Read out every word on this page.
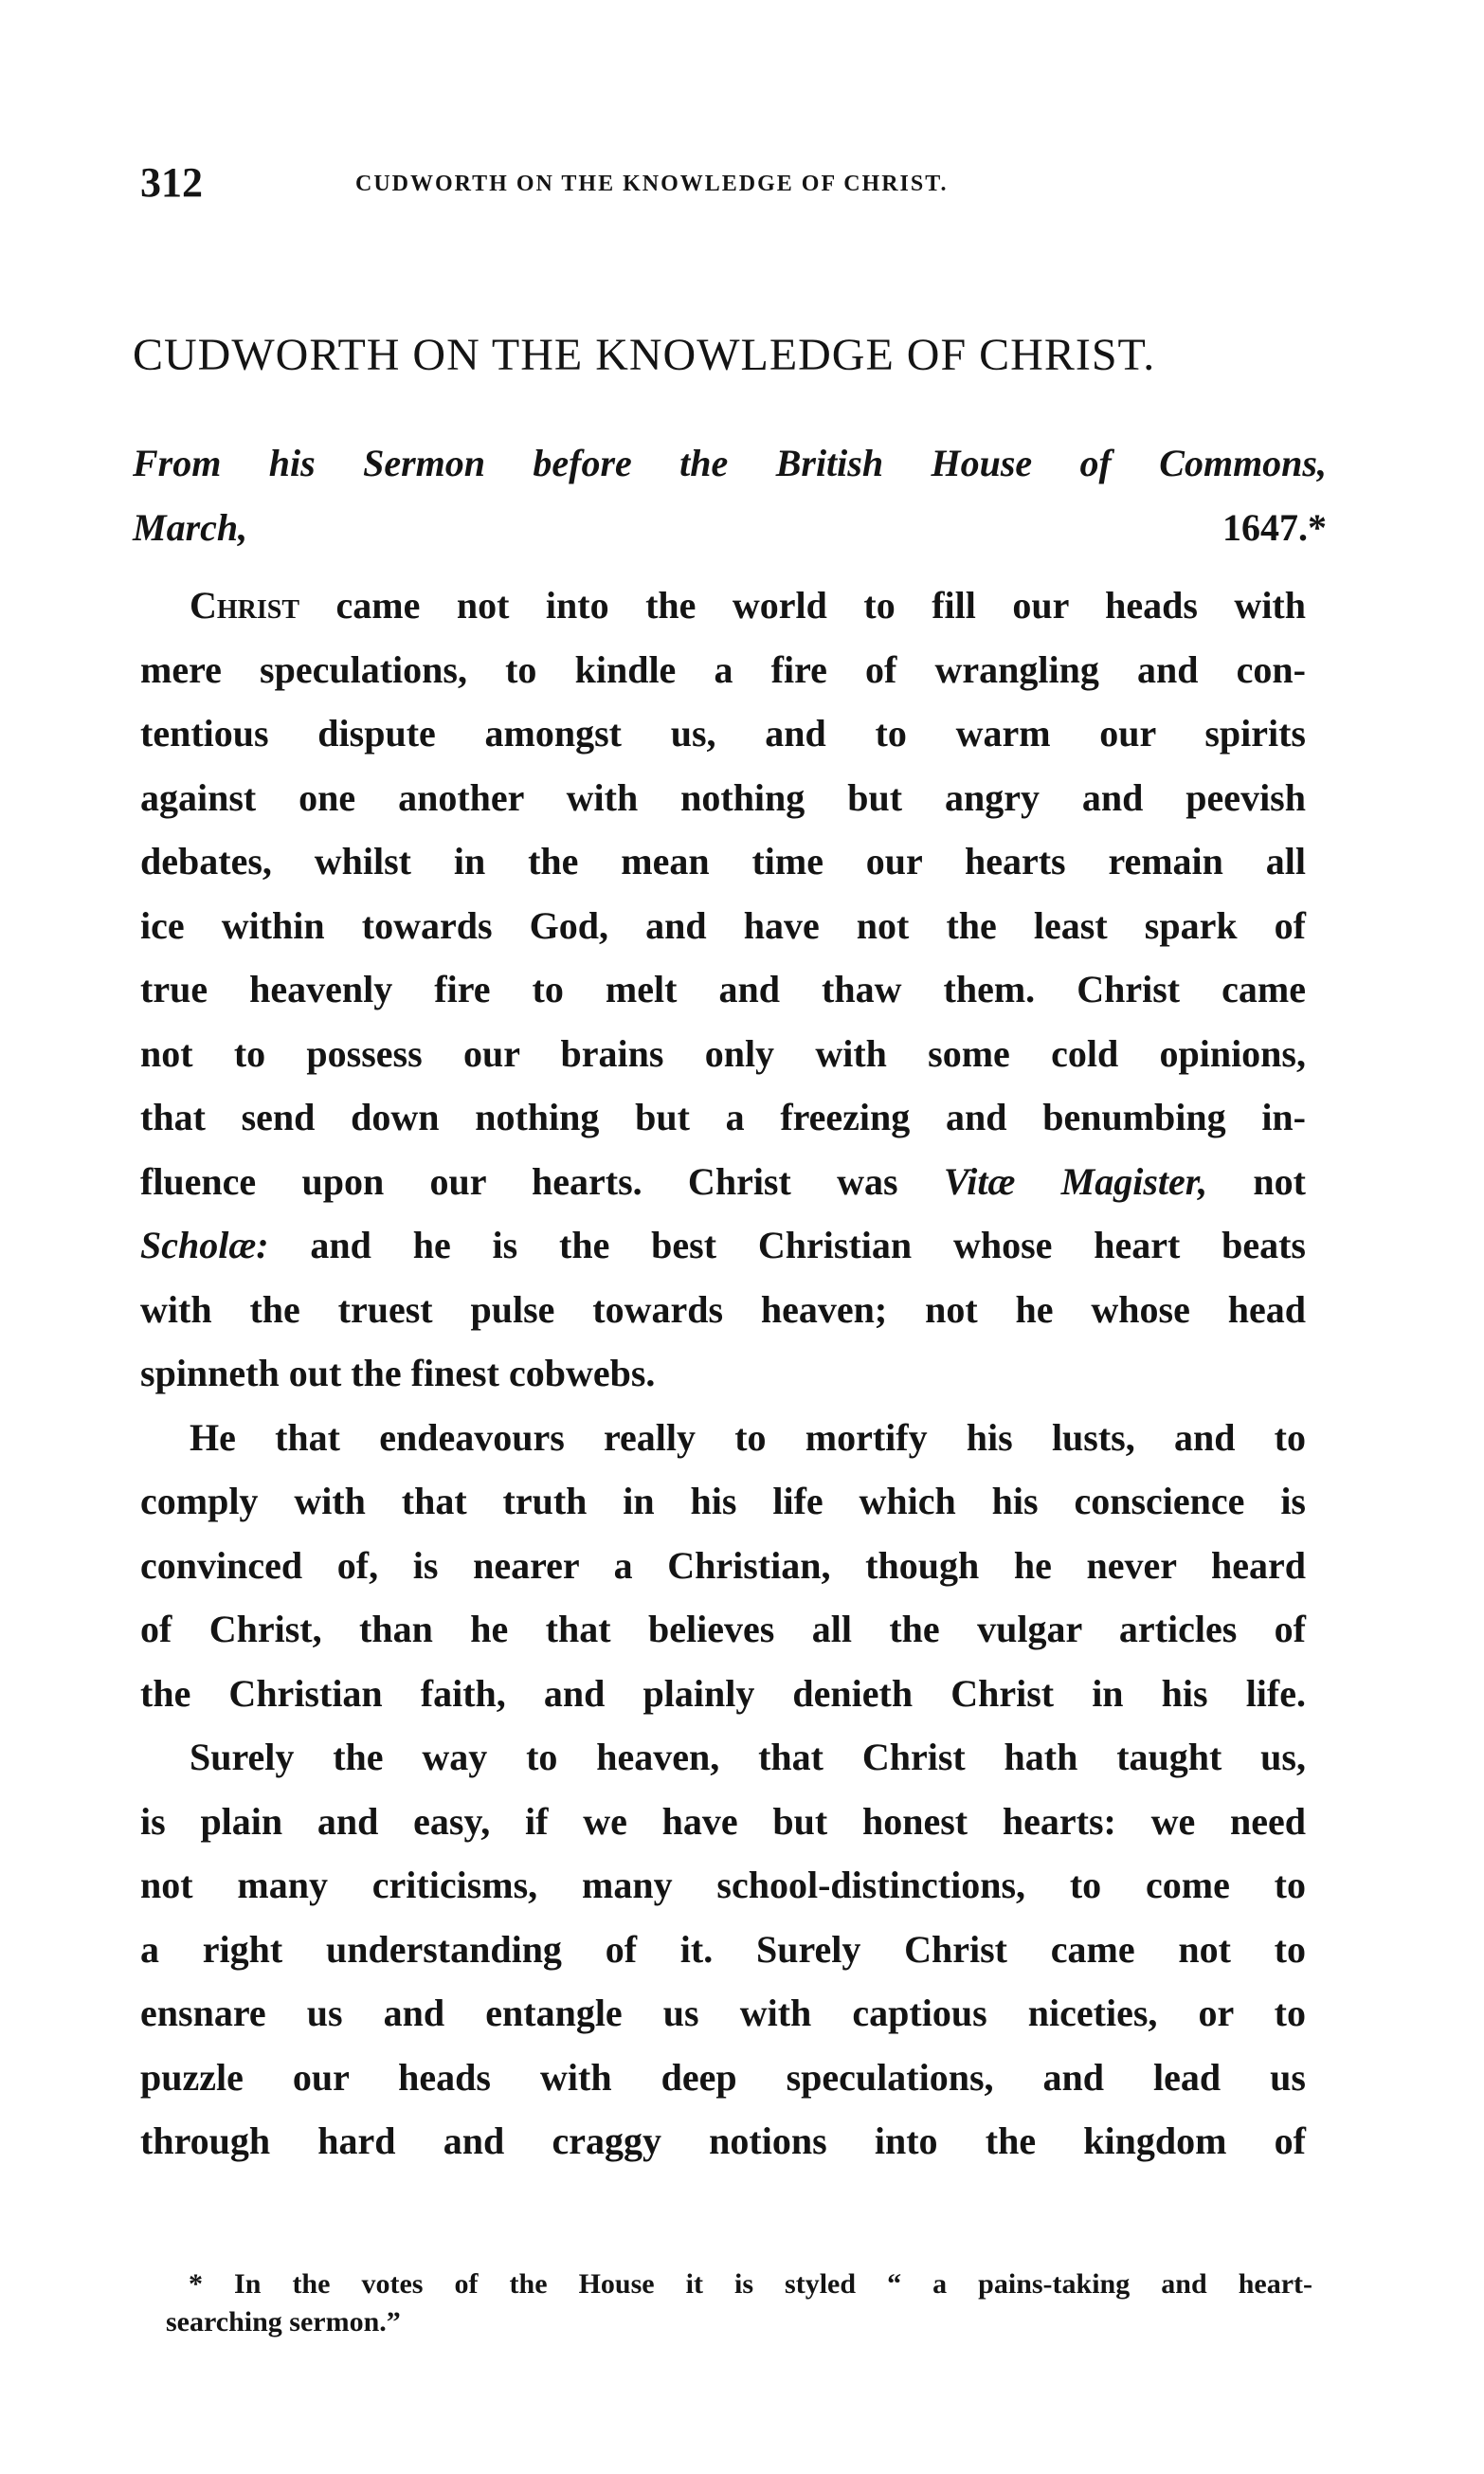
312	CUDWORTH ON THE KNOWLEDGE OF CHRIST.
CUDWORTH ON THE KNOWLEDGE OF CHRIST.
From his Sermon before the British House of Commons,
March, 1647.*
Christ came not into the world to fill our heads with
mere speculations, to kindle a fire of wrangling and con-
tentious dispute amongst us, and to warm our spirits
against one another with nothing but angry and peevish
debates, whilst in the mean time our hearts remain all
ice within towards God, and have not the least spark of
true heavenly fire to melt and thaw them. Christ came
not to possess our brains only with some cold opinions,
that send down nothing but a freezing and benumbing in-
fluence upon our hearts. Christ was Vitæ Magister, not
Scholæ: and he is the best Christian whose heart beats
with the truest pulse towards heaven; not he whose head
spinneth out the finest cobwebs.
He that endeavours really to mortify his lusts, and to
comply with that truth in his life which his conscience is
convinced of, is nearer a Christian, though he never heard
of Christ, than he that believes all the vulgar articles of
the Christian faith, and plainly denieth Christ in his life.
Surely the way to heaven, that Christ hath taught us,
is plain and easy, if we have but honest hearts: we need
not many criticisms, many school-distinctions, to come to
a right understanding of it. Surely Christ came not to
ensnare us and entangle us with captious niceties, or to
puzzle our heads with deep speculations, and lead us
through hard and craggy notions into the kingdom of
* In the votes of the House it is styled “ a pains-taking and heart-
searching sermon.”
